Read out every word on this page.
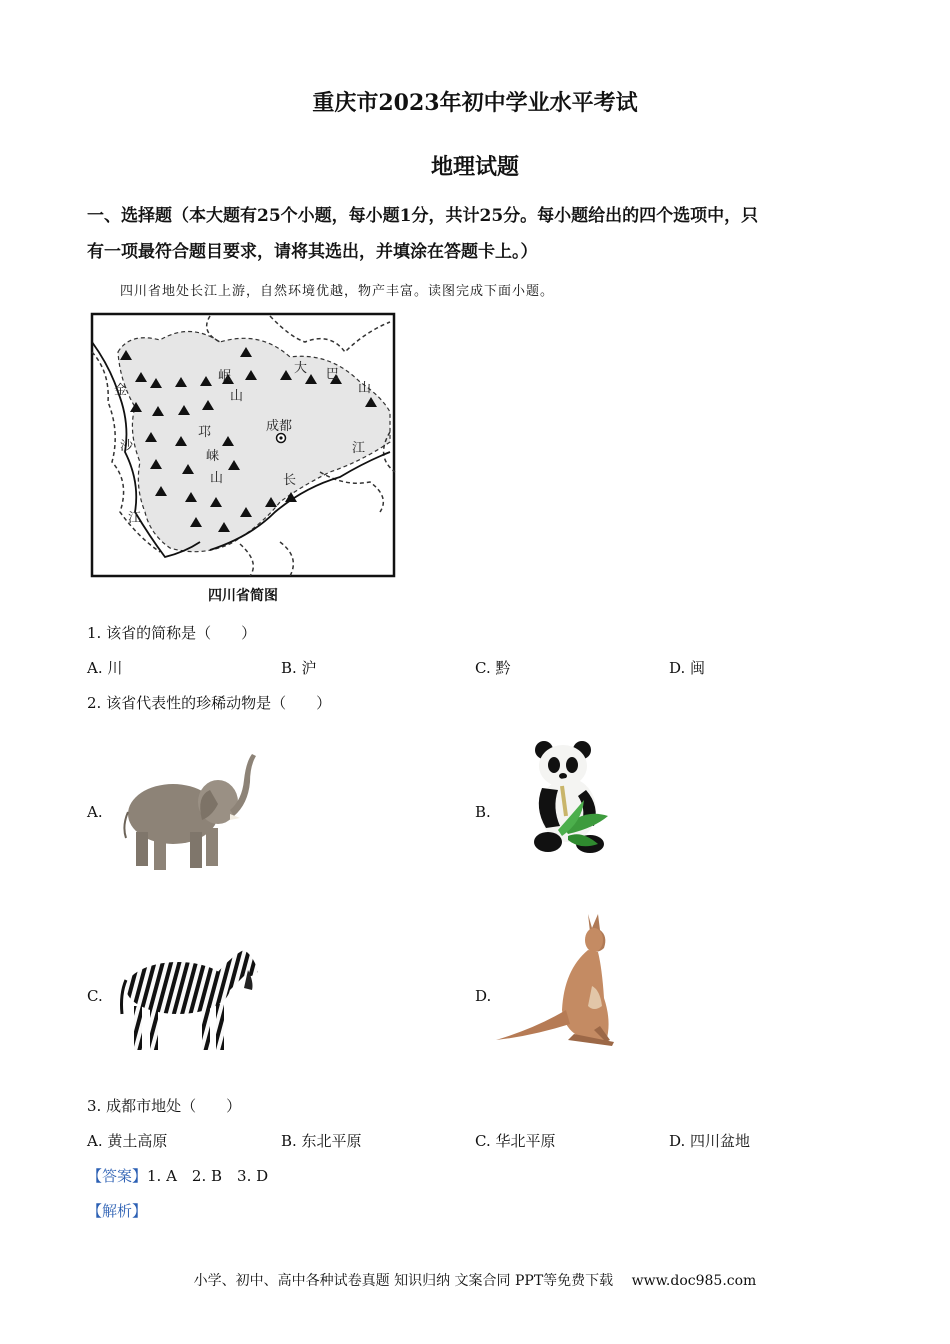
重庆市2023年初中学业水平考试
地理试题
一、选择题（本大题有25个小题，每小题1分，共计25分。每小题给出的四个选项中，只
有一项最符合题目要求，请将其选出，并填涂在答题卡上。）
四川省地处长江上游，自然环境优越，物产丰富。读图完成下面小题。
金
沙
江
岷
山
邛
崃
山
大 巴
山
成都
长
江
四川省简图
1. 该省的简称是（　　）
A. 川	B. 沪	C. 黔	D. 闽
2. 该省代表性的珍稀动物是（　　）
A.	B.
C.	D.
3. 成都市地处（　　）
A. 黄土高原	B. 东北平原	C. 华北平原	D. 四川盆地
【答案】1. A　2. B　3. D
【解析】
小学、初中、高中各种试卷真题 知识归纳 文案合同 PPT等免费下载　 www.doc985.com
